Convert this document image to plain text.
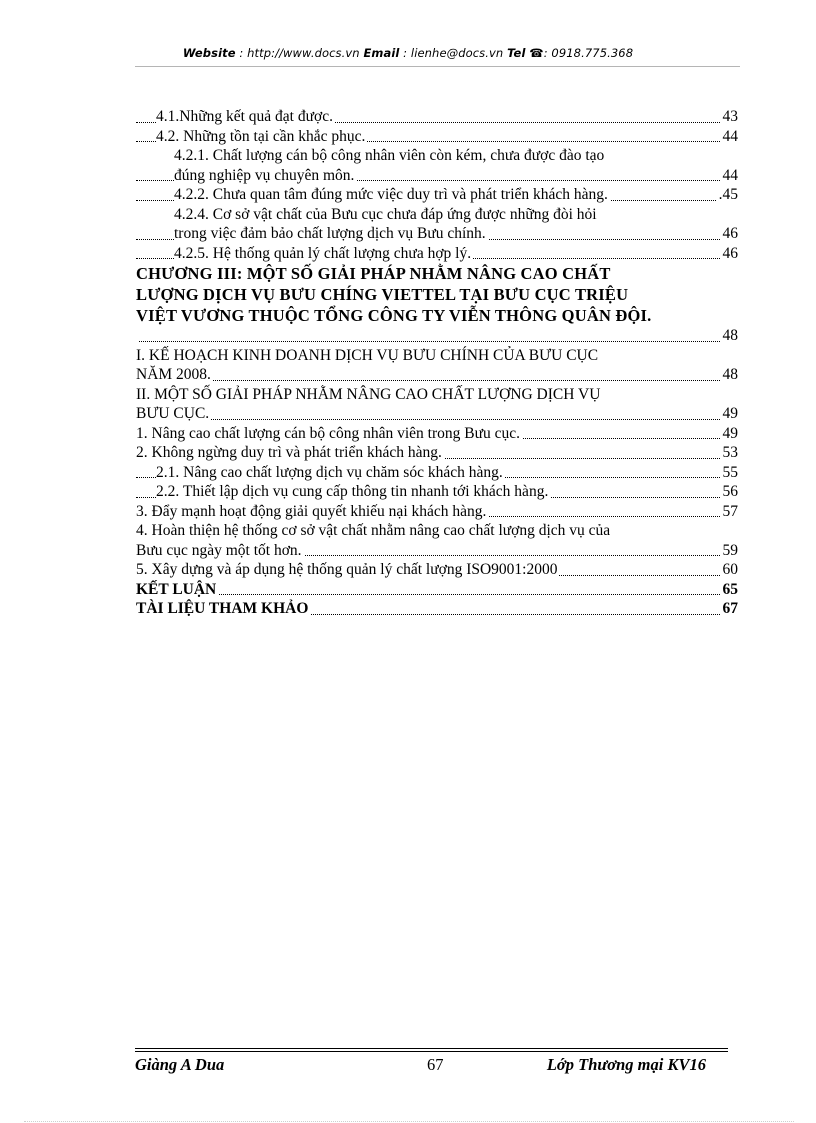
Website : http://www.docs.vn Email : lienhe@docs.vn Tel ☎: 0918.775.368
4.1.Những kết quả đạt được.	43
4.2. Những tồn tại cần khắc phục.	44
4.2.1. Chất lượng cán bộ công nhân viên còn kém, chưa được đào tạo
đúng nghiệp vụ chuyên môn.	44
4.2.2. Chưa quan tâm đúng mức việc duy trì và phát triển khách hàng.	.45
4.2.4. Cơ sở vật chất của Bưu cục chưa đáp ứng được những đòi hỏi
trong việc đảm bảo chất lượng dịch vụ Bưu chính.	46
4.2.5. Hệ thống quản lý chất lượng chưa hợp lý.	46
CHƯƠNG III: MỘT SỐ GIẢI PHÁP NHẰM NÂNG CAO CHẤT
LƯỢNG DỊCH VỤ BƯU CHÍNG VIETTEL TẠI BƯU CỤC TRIỆU
VIỆT VƯƠNG THUỘC TỔNG CÔNG TY VIỄN THÔNG QUÂN ĐỘI.
48
I. KẾ HOẠCH KINH DOANH DỊCH VỤ BƯU CHÍNH CỦA BƯU CỤC
NĂM 2008.	48
II. MỘT SỐ GIẢI PHÁP NHẰM NÂNG CAO CHẤT LƯỢNG DỊCH VỤ
BƯU CỤC.	49
1. Nâng cao chất lượng cán bộ công nhân viên trong Bưu cục.	49
2. Không ngừng duy trì và phát triển khách hàng.	53
2.1. Nâng cao chất lượng dịch vụ chăm sóc khách hàng.	55
2.2. Thiết lập dịch vụ cung cấp thông tin nhanh tới khách hàng.	56
3. Đẩy mạnh hoạt động giải quyết khiếu nại khách hàng.	57
4. Hoàn thiện hệ thống cơ sở vật chất nhằm nâng cao chất lượng dịch vụ của
Bưu cục ngày một tốt hơn.	59
5. Xây dựng và áp dụng hệ thống quản lý chất lượng ISO9001:2000	60
KẾT LUẬN	65
TÀI LIỆU THAM KHẢO	67
Giàng A Dua	67	Lớp Thương mại KV16
